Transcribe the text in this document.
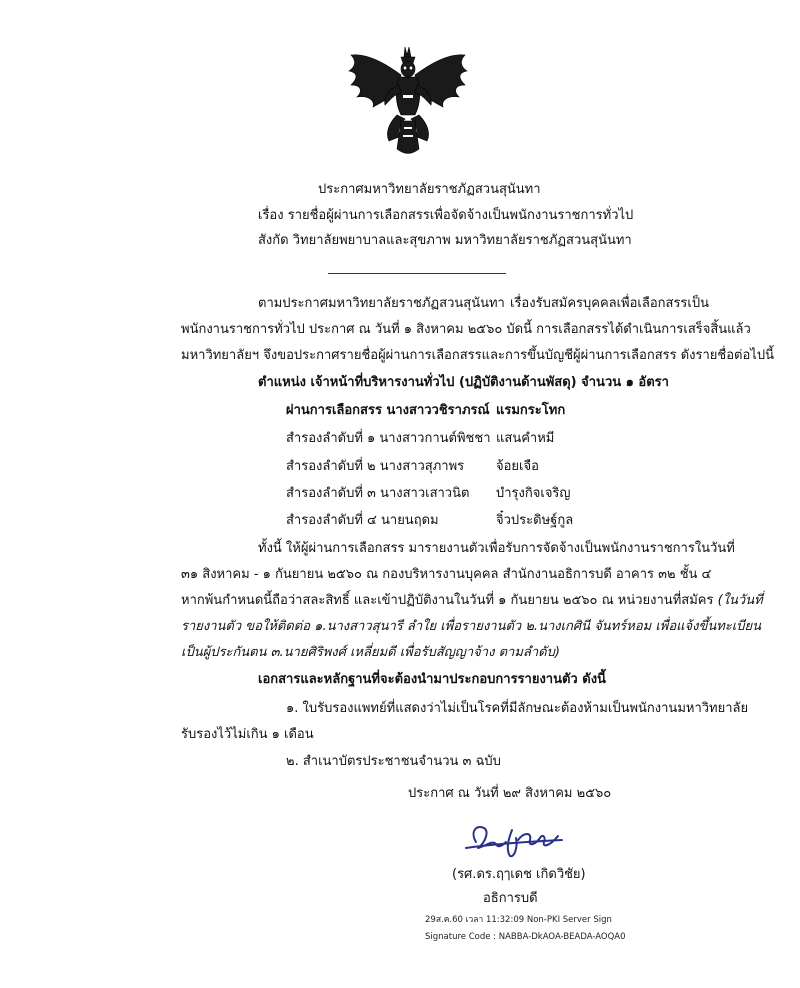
ประกาศมหาวิทยาลัยราชภัฏสวนสุนันทา
เรื่อง รายชื่อผู้ผ่านการเลือกสรรเพื่อจัดจ้างเป็นพนักงานราชการทั่วไป
สังกัด วิทยาลัยพยาบาลและสุขภาพ มหาวิทยาลัยราชภัฏสวนสุนันทา
ตามประกาศมหาวิทยาลัยราชภัฏสวนสุนันทา เรื่องรับสมัครบุคคลเพื่อเลือกสรรเป็น
พนักงานราชการทั่วไป ประกาศ ณ วันที่ ๑ สิงหาคม ๒๕๖๐ บัดนี้ การเลือกสรรได้ดำเนินการเสร็จสิ้นแล้ว
มหาวิทยาลัยฯ จึงขอประกาศรายชื่อผู้ผ่านการเลือกสรรและการขึ้นบัญชีผู้ผ่านการเลือกสรร ดังรายชื่อต่อไปนี้
ตำแหน่ง เจ้าหน้าที่บริหารงานทั่วไป (ปฏิบัติงานด้านพัสดุ) จำนวน ๑ อัตรา
ผ่านการเลือกสรร นางสาววชิราภรณ์ แรมกระโทก
สำรองลำดับที่ ๑ นางสาวกานต์พิชชา แสนคำหมี
สำรองลำดับที่ ๒ นางสาวสุภาพร จ้อยเจือ
สำรองลำดับที่ ๓ นางสาวเสาวนิต บำรุงกิจเจริญ
สำรองลำดับที่ ๔ นายนฤดม	จิ๋วประดิษฐ์กูล
ทั้งนี้ ให้ผู้ผ่านการเลือกสรร มารายงานตัวเพื่อรับการจัดจ้างเป็นพนักงานราชการในวันที่
๓๑ สิงหาคม - ๑ กันยายน ๒๕๖๐ ณ กองบริหารงานบุคคล สำนักงานอธิการบดี อาคาร ๓๒ ชั้น ๔
หากพ้นกำหนดนี้ถือว่าสละสิทธิ์ และเข้าปฏิบัติงานในวันที่ ๑ กันยายน ๒๕๖๐ ณ หน่วยงานที่สมัคร (ในวันที่
รายงานตัว ขอให้ติดต่อ ๑.นางสาวสุนารี ลำใย เพื่อรายงานตัว ๒.นางเกศินี จันทร์หอม เพื่อแจ้งขึ้นทะเบียน
เป็นผู้ประกันตน ๓.นายศิริพงศ์ เหลี่ยมดี เพื่อรับสัญญาจ้าง ตามลำดับ)
เอกสารและหลักฐานที่จะต้องนำมาประกอบการรายงานตัว ดังนี้
๑. ใบรับรองแพทย์ที่แสดงว่าไม่เป็นโรคที่มีลักษณะต้องห้ามเป็นพนักงานมหาวิทยาลัย
รับรองไว้ไม่เกิน ๑ เดือน
๒. สำเนาบัตรประชาชนจำนวน ๓ ฉบับ
ประกาศ ณ วันที่ ๒๙ สิงหาคม ๒๕๖๐
(รศ.ดร.ฤๅเดช เกิดวิชัย)
อธิการบดี
29ส.ค.60 เวลา 11:32:09 Non-PKI Server Sign
Signature Code : NABBA-DkAOA-BEADA-AOQA0
